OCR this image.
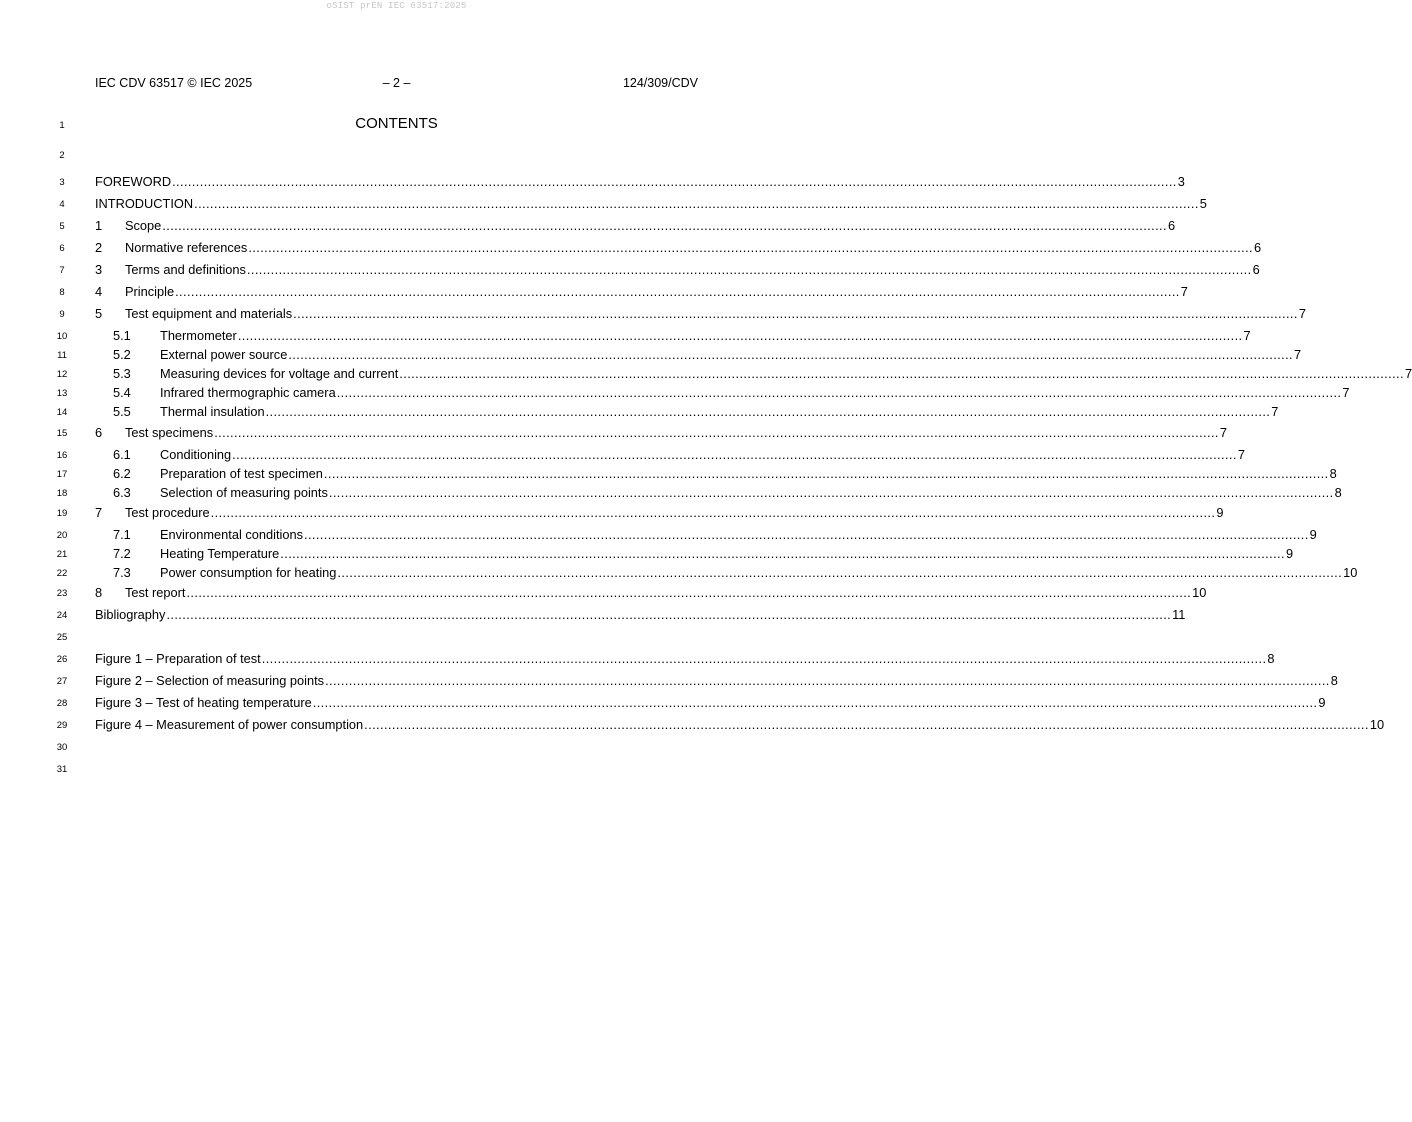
oSIST prEN IEC 63517:2025
IEC CDV 63517 © IEC 2025	– 2 –	124/309/CDV
1	CONTENTS
2
3	FOREWORD .............................................................................................................................................................................................................................................................. 3
4	INTRODUCTION .............................................................................................................................................................................................................................................................. 5
5	1	Scope .............................................................................................................................................................................................................................................................. 6
6	2	Normative references .............................................................................................................................................................................................................................................................. 6
7	3	Terms and definitions .............................................................................................................................................................................................................................................................. 6
8	4	Principle .............................................................................................................................................................................................................................................................. 7
9	5	Test equipment and materials .............................................................................................................................................................................................................................................................. 7
10	5.1	Thermometer .............................................................................................................................................................................................................................................................. 7
11	5.2	External power source .............................................................................................................................................................................................................................................................. 7
12	5.3	Measuring devices for voltage and current .............................................................................................................................................................................................................................................................. 7
13	5.4	Infrared thermographic camera .............................................................................................................................................................................................................................................................. 7
14	5.5	Thermal insulation .............................................................................................................................................................................................................................................................. 7
15	6	Test specimens .............................................................................................................................................................................................................................................................. 7
16	6.1	Conditioning .............................................................................................................................................................................................................................................................. 7
17	6.2	Preparation of test specimen .............................................................................................................................................................................................................................................................. 8
18	6.3	Selection of measuring points .............................................................................................................................................................................................................................................................. 8
19	7	Test procedure .............................................................................................................................................................................................................................................................. 9
20	7.1	Environmental conditions .............................................................................................................................................................................................................................................................. 9
21	7.2	Heating Temperature .............................................................................................................................................................................................................................................................. 9
22	7.3	Power consumption for heating .............................................................................................................................................................................................................................................................. 10
23	8	Test report .............................................................................................................................................................................................................................................................. 10
24	Bibliography .............................................................................................................................................................................................................................................................. 11
25
26	Figure 1 – Preparation of test .............................................................................................................................................................................................................................................................. 8
27	Figure 2 – Selection of measuring points .............................................................................................................................................................................................................................................................. 8
28	Figure 3 – Test of heating temperature .............................................................................................................................................................................................................................................................. 9
29	Figure 4 – Measurement of power consumption .............................................................................................................................................................................................................................................................. 10
30
31
